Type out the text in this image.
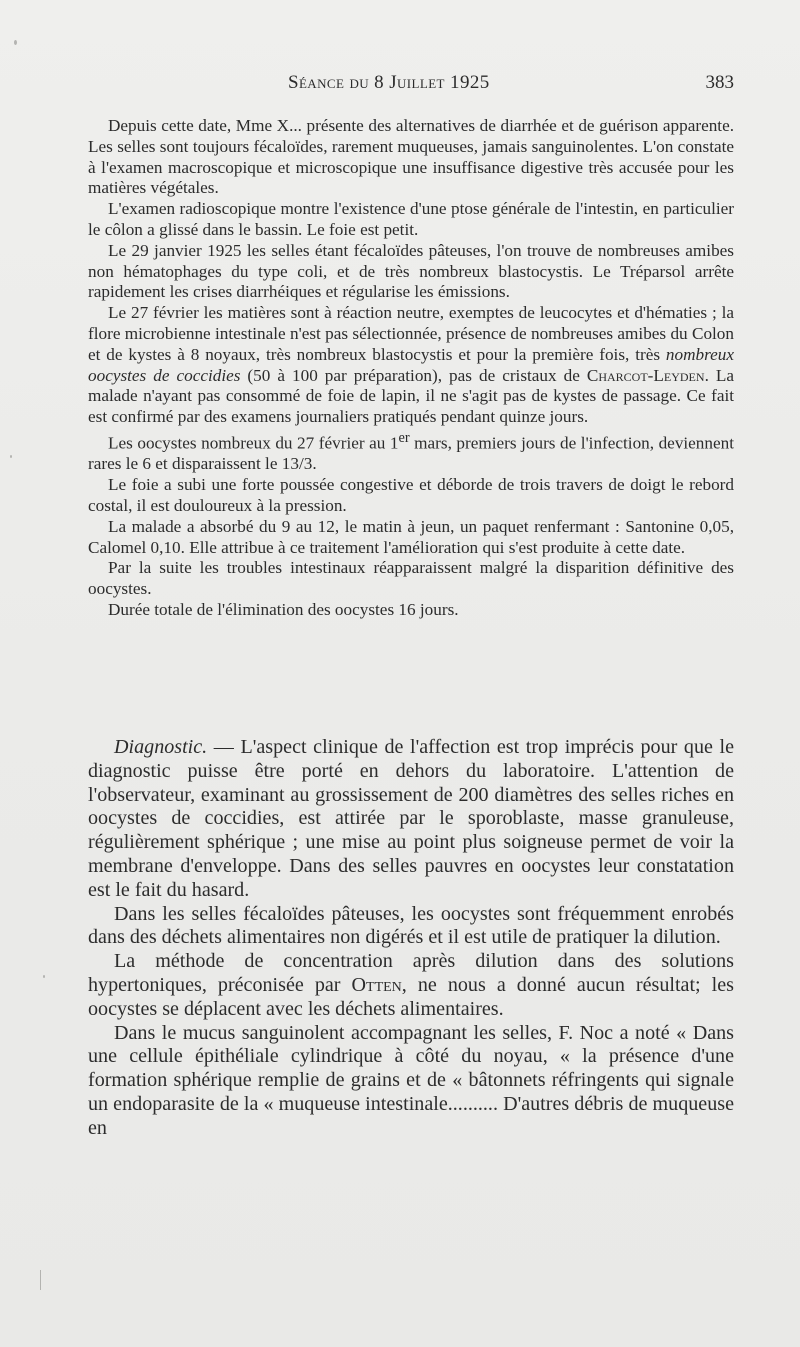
Séance du 8 Juillet 1925	383

Depuis cette date, Mme X... présente des alternatives de diarrhée et de guérison apparente. Les selles sont toujours fécaloïdes, rarement muqueuses, jamais sanguinolentes. L'on constate à l'examen macroscopique et microscopique une insuffisance digestive très accusée pour les matières végétales.

L'examen radioscopique montre l'existence d'une ptose générale de l'intestin, en particulier le côlon a glissé dans le bassin. Le foie est petit.

Le 29 janvier 1925 les selles étant fécaloïdes pâteuses, l'on trouve de nombreuses amibes non hématophages du type coli, et de très nombreux blastocystis. Le Tréparsol arrête rapidement les crises diarrhéiques et régularise les émissions.

Le 27 février les matières sont à réaction neutre, exemptes de leucocytes et d'hématies ; la flore microbienne intestinale n'est pas sélectionnée, présence de nombreuses amibes du Colon et de kystes à 8 noyaux, très nombreux blastocystis et pour la première fois, très nombreux oocystes de coccidies (50 à 100 par préparation), pas de cristaux de Charcot-Leyden. La malade n'ayant pas consommé de foie de lapin, il ne s'agit pas de kystes de passage. Ce fait est confirmé par des examens journaliers pratiqués pendant quinze jours.

Les oocystes nombreux du 27 février au 1er mars, premiers jours de l'infection, deviennent rares le 6 et disparaissent le 13/3.

Le foie a subi une forte poussée congestive et déborde de trois travers de doigt le rebord costal, il est douloureux à la pression.

La malade a absorbé du 9 au 12, le matin à jeun, un paquet renfermant : Santonine 0,05, Calomel 0,10. Elle attribue à ce traitement l'amélioration qui s'est produite à cette date.

Par la suite les troubles intestinaux réapparaissent malgré la disparition définitive des oocystes.

Durée totale de l'élimination des oocystes 16 jours.

Diagnostic. — L'aspect clinique de l'affection est trop imprécis pour que le diagnostic puisse être porté en dehors du laboratoire. L'attention de l'observateur, examinant au grossissement de 200 diamètres des selles riches en oocystes de coccidies, est attirée par le sporoblaste, masse granuleuse, régulièrement sphérique ; une mise au point plus soigneuse permet de voir la membrane d'enveloppe. Dans des selles pauvres en oocystes leur constatation est le fait du hasard.

Dans les selles fécaloïdes pâteuses, les oocystes sont fréquemment enrobés dans des déchets alimentaires non digérés et il est utile de pratiquer la dilution.

La méthode de concentration après dilution dans des solutions hypertoniques, préconisée par Otten, ne nous a donné aucun résultat; les oocystes se déplacent avec les déchets alimentaires.

Dans le mucus sanguinolent accompagnant les selles, F. Noc a noté « Dans une cellule épithéliale cylindrique à côté du noyau, « la présence d'une formation sphérique remplie de grains et de « bâtonnets réfringents qui signale un endoparasite de la « muqueuse intestinale.......... D'autres débris de muqueuse en
